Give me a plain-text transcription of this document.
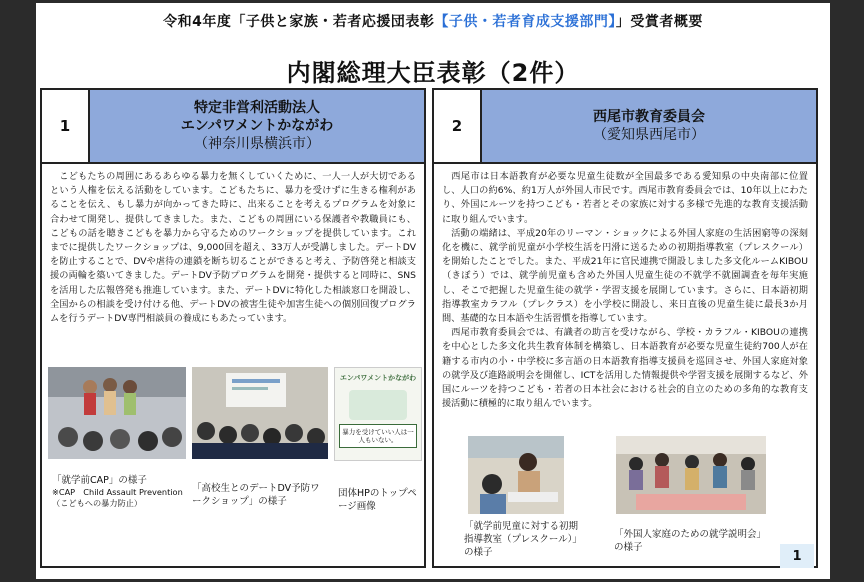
令和4年度「子供と家族・若者応援団表彰【子供・若者育成支援部門】」受賞者概要
内閣総理大臣表彰（2件）
1
特定非営利活動法人
エンパワメントかながわ
（神奈川県横浜市）

こどもたちの周囲にあるあらゆる暴力を無くしていくために、一人一人が大切であるという人権を伝える活動をしています。こどもたちに、暴力を受けずに生きる権利があることを伝え、もし暴力が向かってきた時に、出来ることを考えるプログラムを対象に合わせて開発し、提供してきました。また、こどもの周囲にいる保護者や教職員にも、こどもの話を聴きこどもを暴力から守るためのワークショップを提供しています。これまでに提供したワークショップは、9,000回を超え、33万人が受講しました。デートDVを防止することで、DVや虐待の連鎖を断ち切ることができると考え、予防啓発と相談支援の両輪を築いてきました。デートDV予防プログラムを開発・提供すると同時に、SNSを活用した広報啓発も推進しています。また、デートDVに特化した相談窓口を開設し、全国からの相談を受け付ける他、デートDVの被害生徒や加害生徒への個別回復プログラムを行うデートDV専門相談員の養成にもあたっています。

エンパワメントかながわ
暴力を受けていい人は一人もいない。
「就学前CAP」の様子
※CAP　Child Assault Prevention（こどもへの暴力防止）
「高校生とのデートDV予防ワークショップ」の様子
団体HPのトップページ画像
2	西尾市教育委員会
（愛知県西尾市）

西尾市は日本語教育が必要な児童生徒数が全国最多である愛知県の中央南部に位置し、人口の約6%、約1万人が外国人市民です。西尾市教育委員会では、10年以上にわたり、外国にルーツを持つこども・若者とその家族に対する多様で先進的な教育支援活動に取り組んでいます。

活動の端緒は、平成20年のリーマン・ショックによる外国人家庭の生活困窮等の深刻化を機に、就学前児童が小学校生活を円滑に送るための初期指導教室（プレスクール）を開始したことでした。また、平成21年に官民連携で開設しました多文化ルームKIBOU（きぼう）では、就学前児童も含めた外国人児童生徒の不就学不就園調査を毎年実施し、そこで把握した児童生徒の就学・学習支援を展開しています。さらに、日本語初期指導教室カラフル（プレクラス）を小学校に開設し、来日直後の児童生徒に最長3か月間、基礎的な日本語や生活習慣を指導しています。

西尾市教育委員会では、有識者の助言を受けながら、学校・カラフル・KIBOUの連携を中心とした多文化共生教育体制を構築し、日本語教育が必要な児童生徒約700人が在籍する市内の小・中学校に多言語の日本語教育指導支援員を巡回させ、外国人家庭対象の就学及び進路説明会を開催し、ICTを活用した情報提供や学習支援を展開するなど、外国にルーツを持つこども・若者の日本社会における社会的自立のための多角的な教育支援活動に積極的に取り組んでいます。

「就学前児童に対する初期指導教室（プレスクール）」の様子
「外国人家庭のための就学説明会」の様子
1
